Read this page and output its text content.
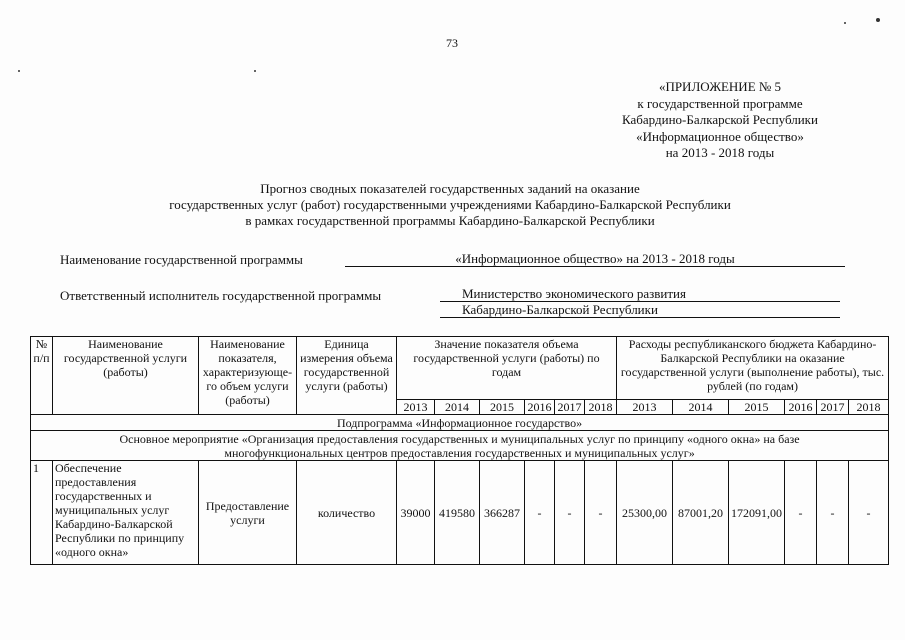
73
«ПРИЛОЖЕНИЕ № 5
к государственной программе
Кабардино-Балкарской Республики
«Информационное общество»
на 2013 - 2018 годы
Прогноз сводных показателей государственных заданий на оказание
государственных услуг (работ) государственными учреждениями Кабардино-Балкарской Республики
в рамках государственной программы Кабардино-Балкарской Республики
Наименование государственной программы	«Информационное общество» на 2013 - 2018 годы
Ответственный исполнитель государственной программы	Министерство экономического развития
Кабардино-Балкарской Республики
№ п/п	Наименование государственной услуги (работы)	Наименование показателя, характеризующе-го объем услуги (работы)	Единица измерения объема государственной услуги (работы)	Значение показателя объема государственной услуги (работы) по годам						Расходы республиканского бюджета Кабардино-Балкарской Республики на оказание государственной услуги (выполнение работы), тыс. рублей (по годам)					
				2013	2014	2015	2016	2017	2018	2013	2014	2015	2016	2017	2018
Подпрограмма «Информационное государство»															

Основное мероприятие «Организация предоставления государственных и муниципальных услуг по принципу «одного окна» на базе
многофункциональных центров предоставления государственных и муниципальных услуг»															

1	Обеспечение предоставления государственных и муниципальных услуг Кабардино-Балкарской Республики по принципу «одного окна»	Предоставление услуги	количество	39000	419580	366287	-	-	-	25300,00	87001,20	172091,00	-	-	-
